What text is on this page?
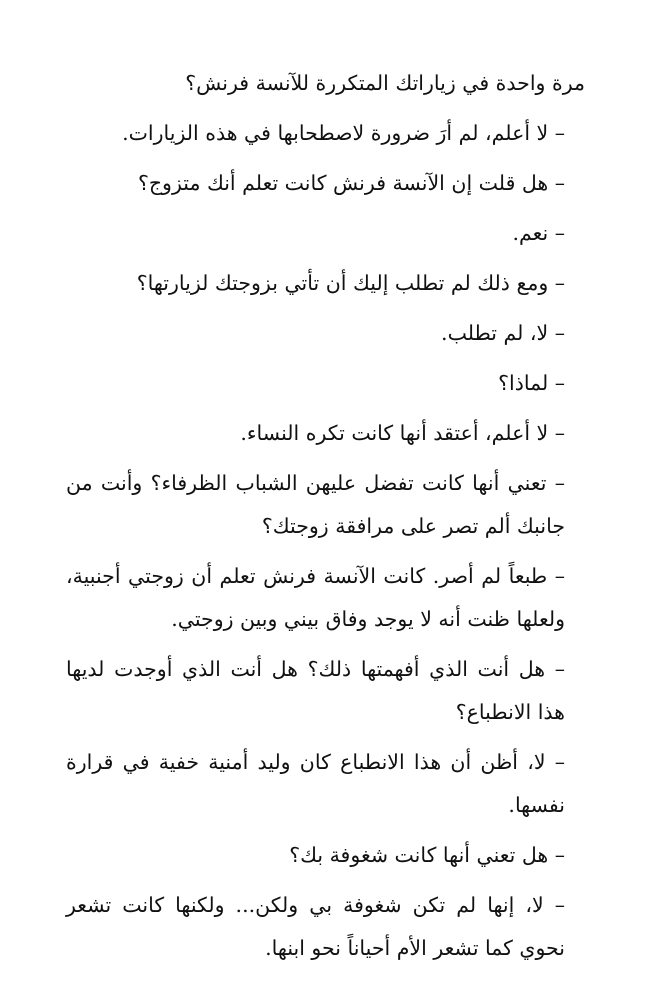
مرة واحدة في زياراتك المتكررة للآنسة فرنش؟

– لا أعلم، لم أرَ ضرورة لاصطحابها في هذه الزيارات.

– هل قلت إن الآنسة فرنش كانت تعلم أنك متزوج؟

– نعم.

– ومع ذلك لم تطلب إليك أن تأتي بزوجتك لزيارتها؟

– لا، لم تطلب.

– لماذا؟

– لا أعلم، أعتقد أنها كانت تكره النساء.

– تعني أنها كانت تفضل عليهن الشباب الظرفاء؟ وأنت من جانبك ألم تصر على مرافقة زوجتك؟

– طبعاً لم أصر. كانت الآنسة فرنش تعلم أن زوجتي أجنبية، ولعلها ظنت أنه لا يوجد وفاق بيني وبين زوجتي.

– هل أنت الذي أفهمتها ذلك؟ هل أنت الذي أوجدت لديها هذا الانطباع؟

– لا، أظن أن هذا الانطباع كان وليد أمنية خفية في قرارة نفسها.

– هل تعني أنها كانت شغوفة بك؟

– لا، إنها لم تكن شغوفة بي ولكن... ولكنها كانت تشعر نحوي كما تشعر الأم أحياناً نحو ابنها.
